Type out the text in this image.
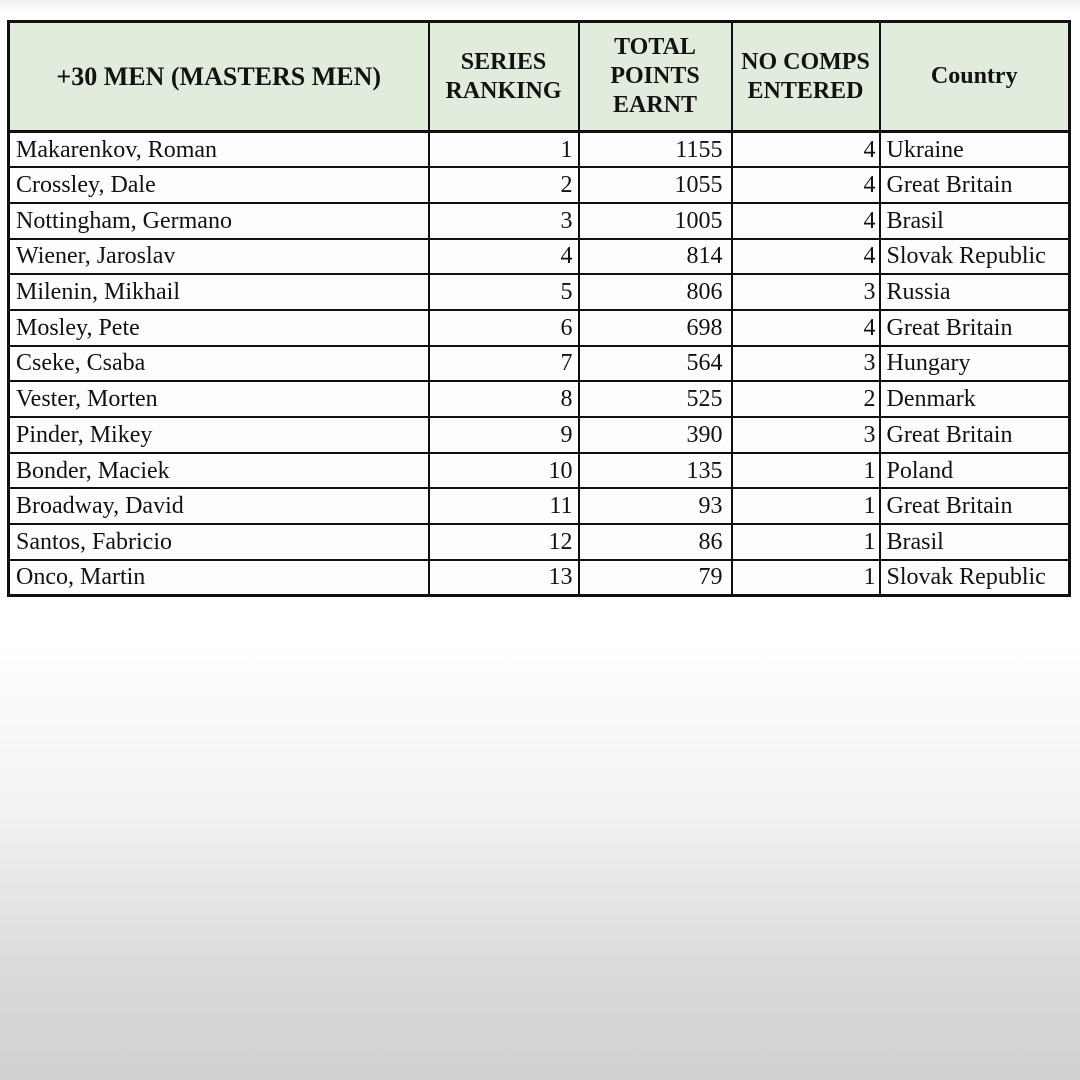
+30 MEN (MASTERS MEN)	SERIES RANKING	TOTAL POINTS EARNT	NO COMPS ENTERED	Country
Makarenkov, Roman	1	1155	4	Ukraine
Crossley, Dale	2	1055	4	Great Britain
Nottingham, Germano	3	1005	4	Brasil
Wiener, Jaroslav	4	814	4	Slovak Republic
Milenin, Mikhail	5	806	3	Russia
Mosley, Pete	6	698	4	Great Britain
Cseke, Csaba	7	564	3	Hungary
Vester, Morten	8	525	2	Denmark
Pinder, Mikey	9	390	3	Great Britain
Bonder, Maciek	10	135	1	Poland
Broadway, David	11	93	1	Great Britain
Santos, Fabricio	12	86	1	Brasil
Onco, Martin	13	79	1	Slovak Republic
